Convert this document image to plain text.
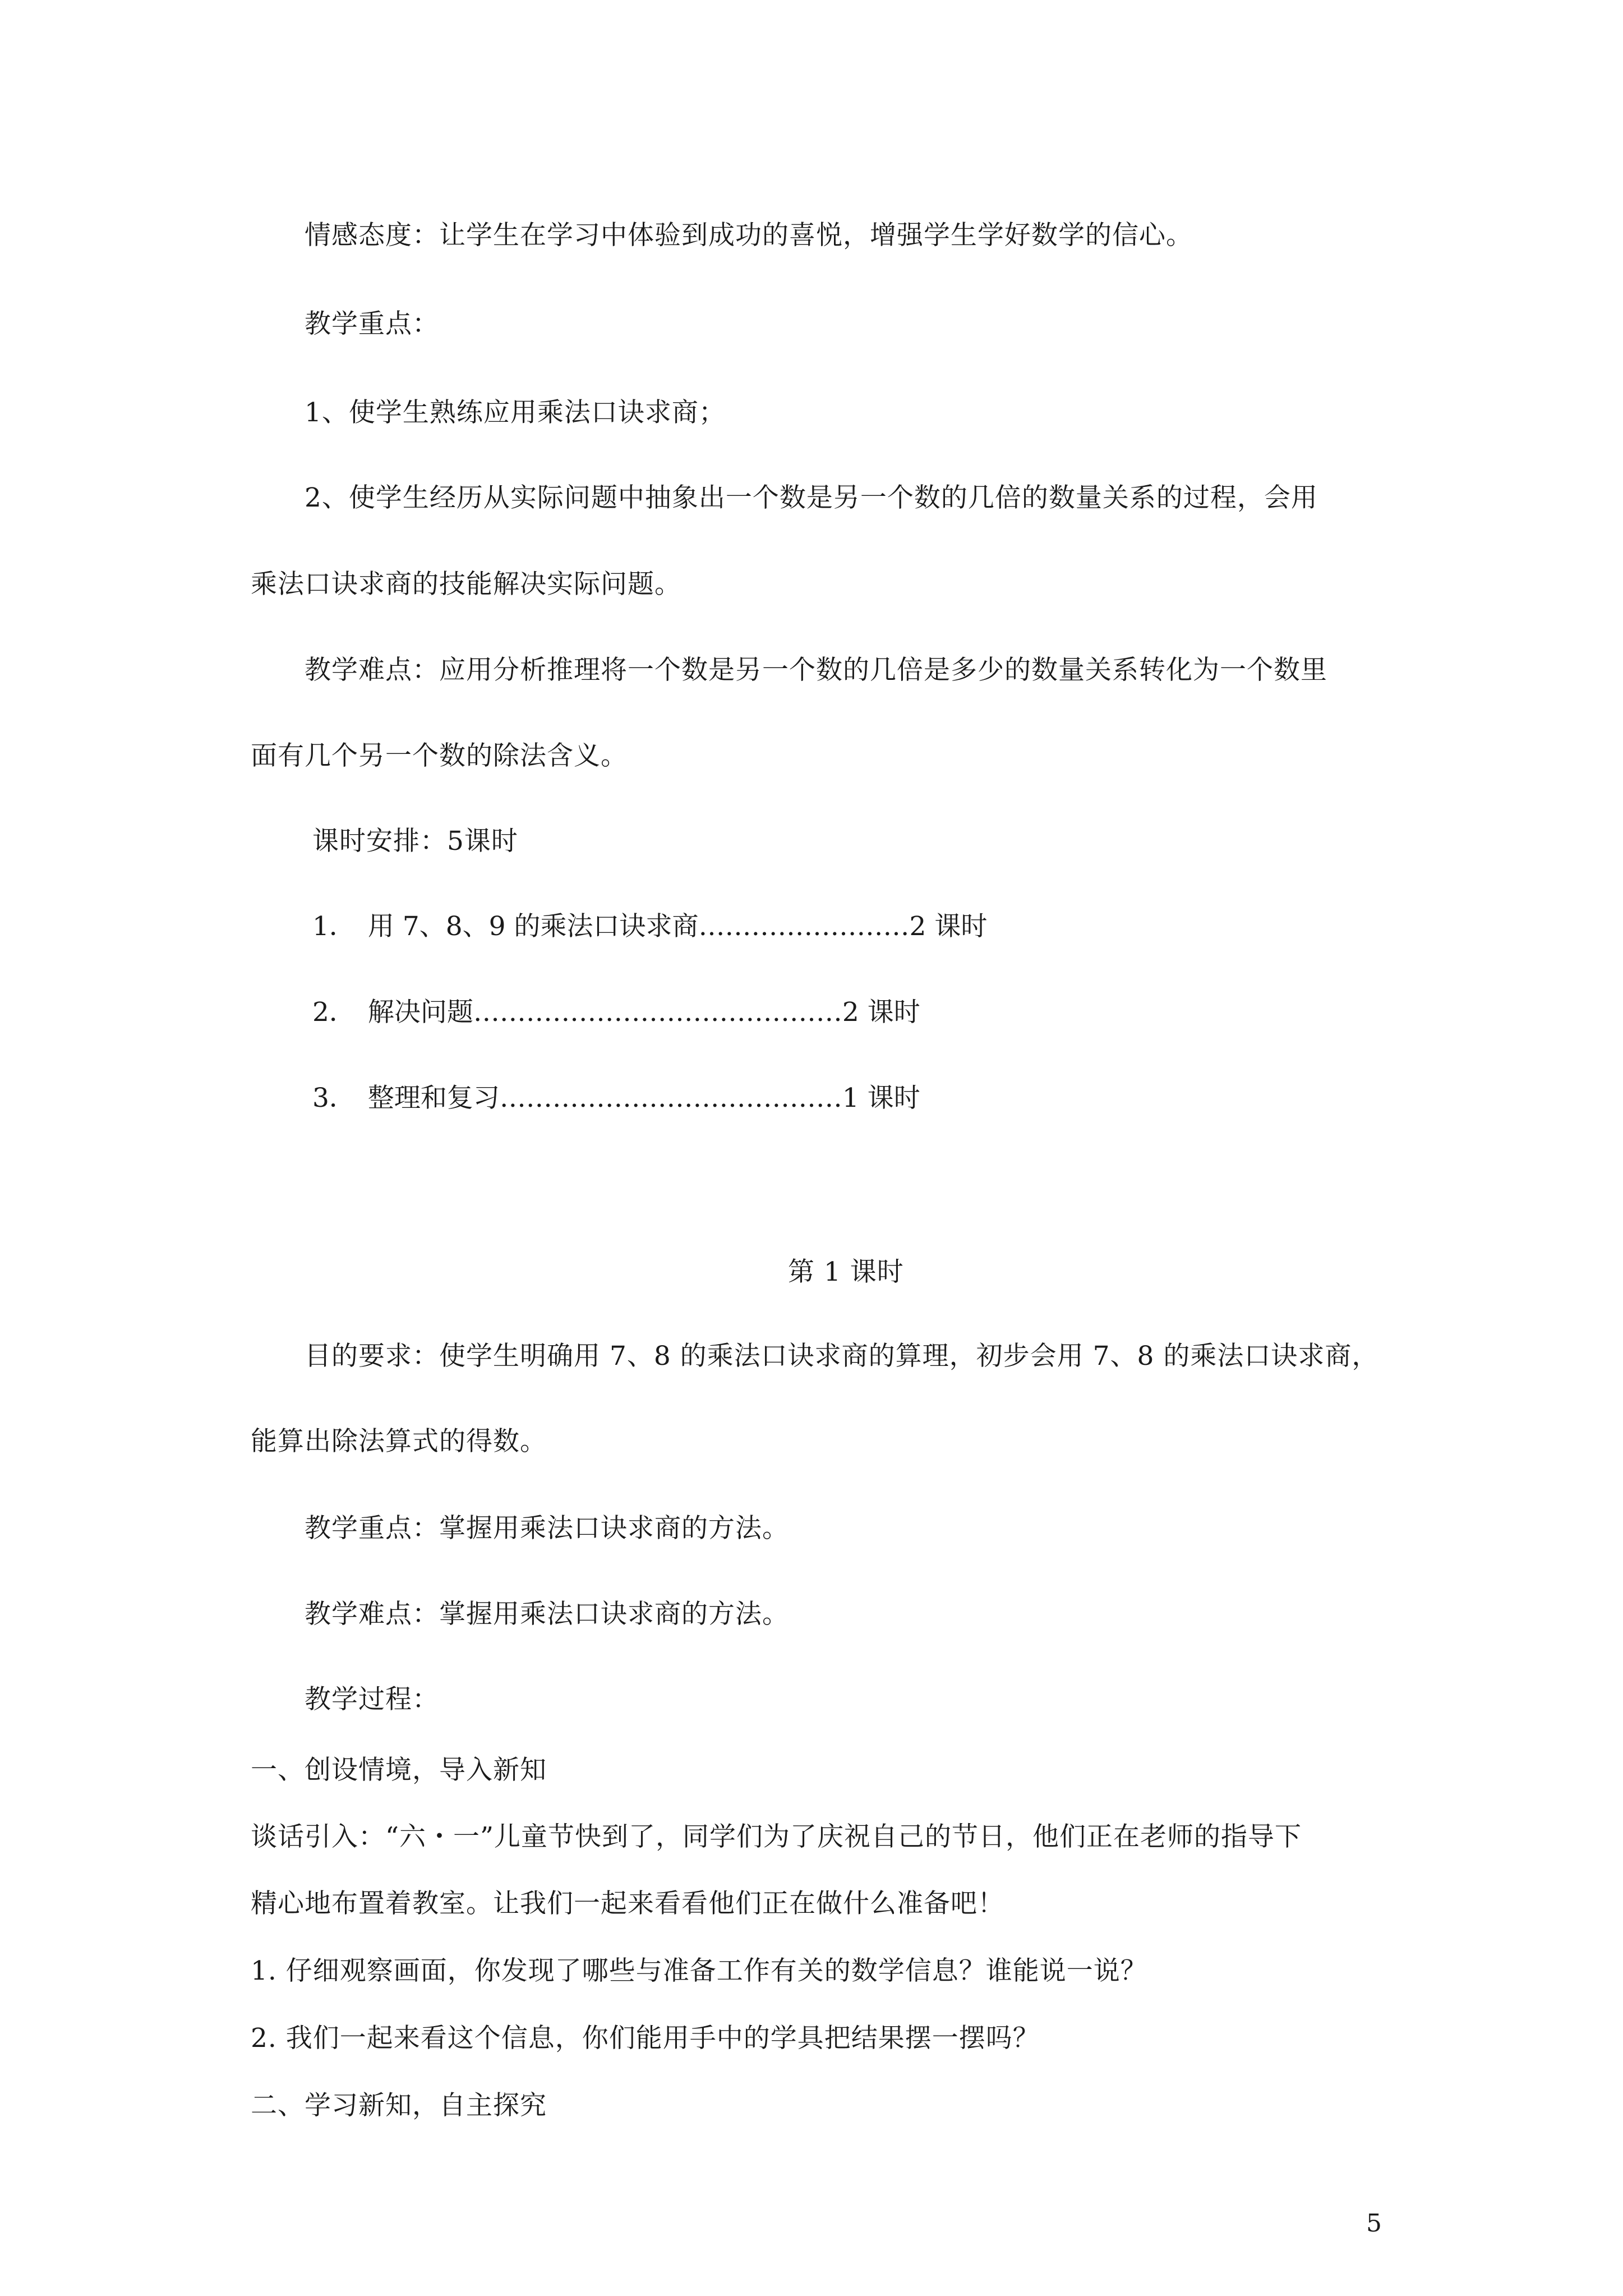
情感态度：让学生在学习中体验到成功的喜悦，增强学生学好数学的信心。
教学重点：
1、使学生熟练应用乘法口诀求商；
2、使学生经历从实际问题中抽象出一个数是另一个数的几倍的数量关系的过程，会用
乘法口诀求商的技能解决实际问题。
教学难点：应用分析推理将一个数是另一个数的几倍是多少的数量关系转化为一个数里
面有几个另一个数的除法含义。
课时安排：5课时
1． 用 7、8、9 的乘法口诀求商……………………2 课时
2． 解决问题……………………………………2 课时
3． 整理和复习…………………………………1 课时
第 1 课时
目的要求：使学生明确用 7、8 的乘法口诀求商的算理，初步会用 7、8 的乘法口诀求商，
能算出除法算式的得数。
教学重点：掌握用乘法口诀求商的方法。
教学难点：掌握用乘法口诀求商的方法。
教学过程：
一、创设情境，导入新知
谈话引入：“六・一”儿童节快到了，同学们为了庆祝自己的节日，他们正在老师的指导下
精心地布置着教室。让我们一起来看看他们正在做什么准备吧！
1. 仔细观察画面，你发现了哪些与准备工作有关的数学信息？谁能说一说？
2. 我们一起来看这个信息，你们能用手中的学具把结果摆一摆吗？
二、学习新知，自主探究
5
